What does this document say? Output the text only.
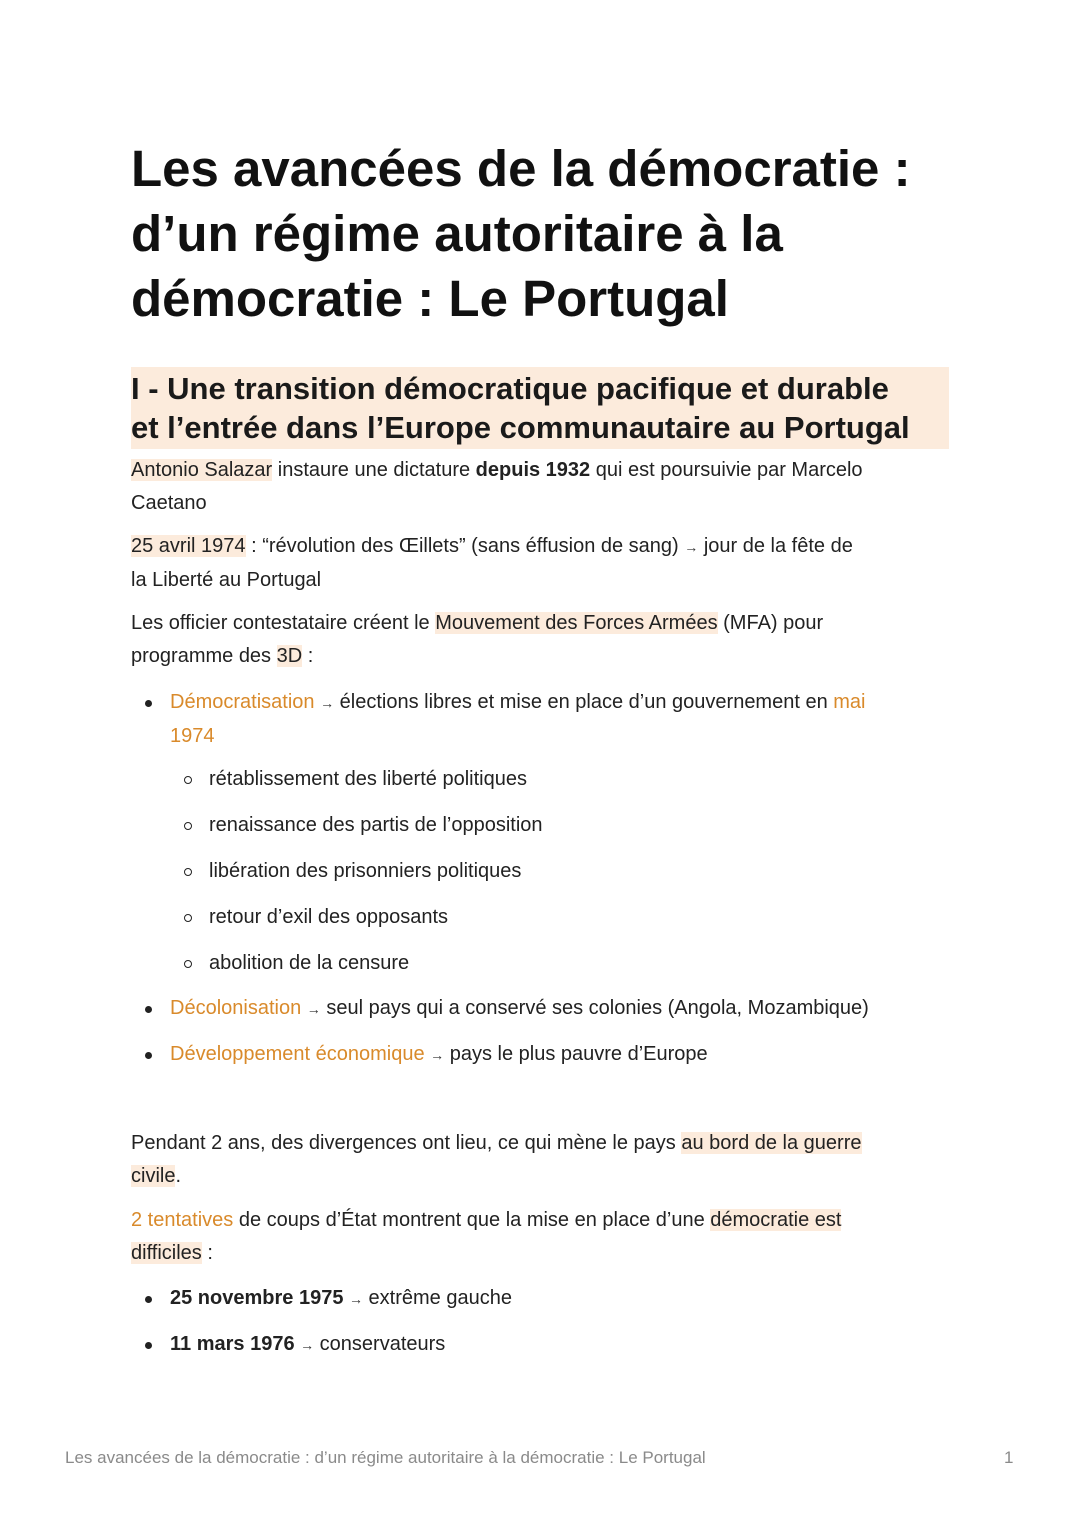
Les avancées de la démocratie :
d’un régime autoritaire à la
démocratie : Le Portugal
I - Une transition démocratique pacifique et durable
et l’entrée dans l’Europe communautaire au Portugal

Antonio Salazar instaure une dictature depuis 1932 qui est poursuivie par Marcelo
Caetano

25 avril 1974 : “révolution des Œillets” (sans éffusion de sang) → jour de la fête de
la Liberté au Portugal

Les officier contestataire créent le Mouvement des Forces Armées (MFA) pour
programme des 3D :

Démocratisation → élections libres et mise en place d’un gouvernement en mai
1974
rétablissement des liberté politiques
renaissance des partis de l’opposition
libération des prisonniers politiques
retour d’exil des opposants
abolition de la censure
Décolonisation → seul pays qui a conservé ses colonies (Angola, Mozambique)
Développement économique → pays le plus pauvre d’Europe

Pendant 2 ans, des divergences ont lieu, ce qui mène le pays au bord de la guerre
civile.

2 tentatives de coups d’État montrent que la mise en place d’une démocratie est
difficiles :

25 novembre 1975 → extrême gauche
11 mars 1976 → conservateurs
Les avancées de la démocratie : d’un régime autoritaire à la démocratie : Le Portugal	1
